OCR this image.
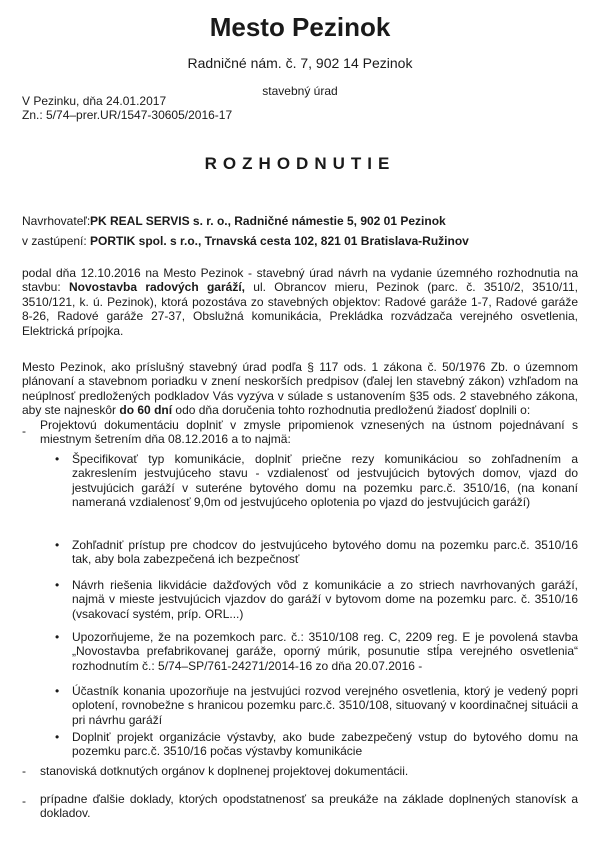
Mesto Pezinok
Radničné nám. č. 7, 902 14 Pezinok
stavebný úrad
V Pezinku, dňa 24.01.2017
Zn.: 5/74–prer.UR/1547-30605/2016-17
ROZHODNUTIE
Navrhovateľ: PK REAL SERVIS s. r. o., Radničné námestie 5, 902 01 Pezinok
v zastúpení: PORTIK spol. s r.o., Trnavská cesta 102, 821 01 Bratislava-Ružinov

podal dňa 12.10.2016 na Mesto Pezinok - stavebný úrad návrh na vydanie územného rozhodnutia na stavbu: Novostavba radových garáží, ul. Obrancov mieru, Pezinok (parc. č. 3510/2, 3510/11, 3510/121, k. ú. Pezinok), ktorá pozostáva zo stavebných objektov: Radové garáže 1-7, Radové garáže 8-26, Radové garáže 27-37, Obslužná komunikácia, Prekládka rozvádzača verejného osvetlenia, Elektrická prípojka.

Mesto Pezinok, ako príslušný stavebný úrad podľa § 117 ods. 1 zákona č. 50/1976 Zb. o územnom plánovaní a stavebnom poriadku v znení neskorších predpisov (ďalej len stavebný zákon) vzhľadom na neúplnosť predložených podkladov Vás vyzýva v súlade s ustanovením §35 ods. 2 stavebného zákona, aby ste najneskôr do 60 dní odo dňa doručenia tohto rozhodnutia predloženú žiadosť doplnili o:

- Projektovú dokumentáciu doplniť v zmysle pripomienok vznesených na ústnom pojednávaní s miestnym šetrením dňa 08.12.2016 a to najmä:
• Špecifikovať typ komunikácie, doplniť priečne rezy komunikáciou so zohľadnením a zakreslením jestvujúceho stavu - vzdialenosť od jestvujúcich bytových domov, vjazd do jestvujúcich garáží v suteréne bytového domu na pozemku parc.č. 3510/16, (na konaní nameraná vzdialenosť 9,0m od jestvujúceho oplotenia po vjazd do jestvujúcich garáží)
• Zohľadniť prístup pre chodcov do jestvujúceho bytového domu na pozemku parc.č. 3510/16 tak, aby bola zabezpečená ich bezpečnosť
• Návrh riešenia likvidácie dažďových vôd z komunikácie a zo striech navrhovaných garáží, najmä v mieste jestvujúcich vjazdov do garáží v bytovom dome na pozemku parc. č. 3510/16 (vsakovací systém, príp. ORL...)
• Upozorňujeme, že na pozemkoch parc. č.: 3510/108 reg. C, 2209 reg. E je povolená stavba „Novostavba prefabrikovanej garáže, oporný múrik, posunutie stĺpa verejného osvetlenia“ rozhodnutím č.: 5/74–SP/761-24271/2014-16 zo dňa 20.07.2016 -
• Účastník konania upozorňuje na jestvujúci rozvod verejného osvetlenia, ktorý je vedený popri oplotení, rovnobežne s hranicou pozemku parc.č. 3510/108, situovaný v koordinačnej situácii a pri návrhu garáží
• Doplniť projekt organizácie výstavby, ako bude zabezpečený vstup do bytového domu na pozemku parc.č. 3510/16 počas výstavby komunikácie
- stanoviská dotknutých orgánov k doplnenej projektovej dokumentácii.
- prípadne ďalšie doklady, ktorých opodstatnenosť sa preukáže na základe doplnených stanovísk a dokladov.
